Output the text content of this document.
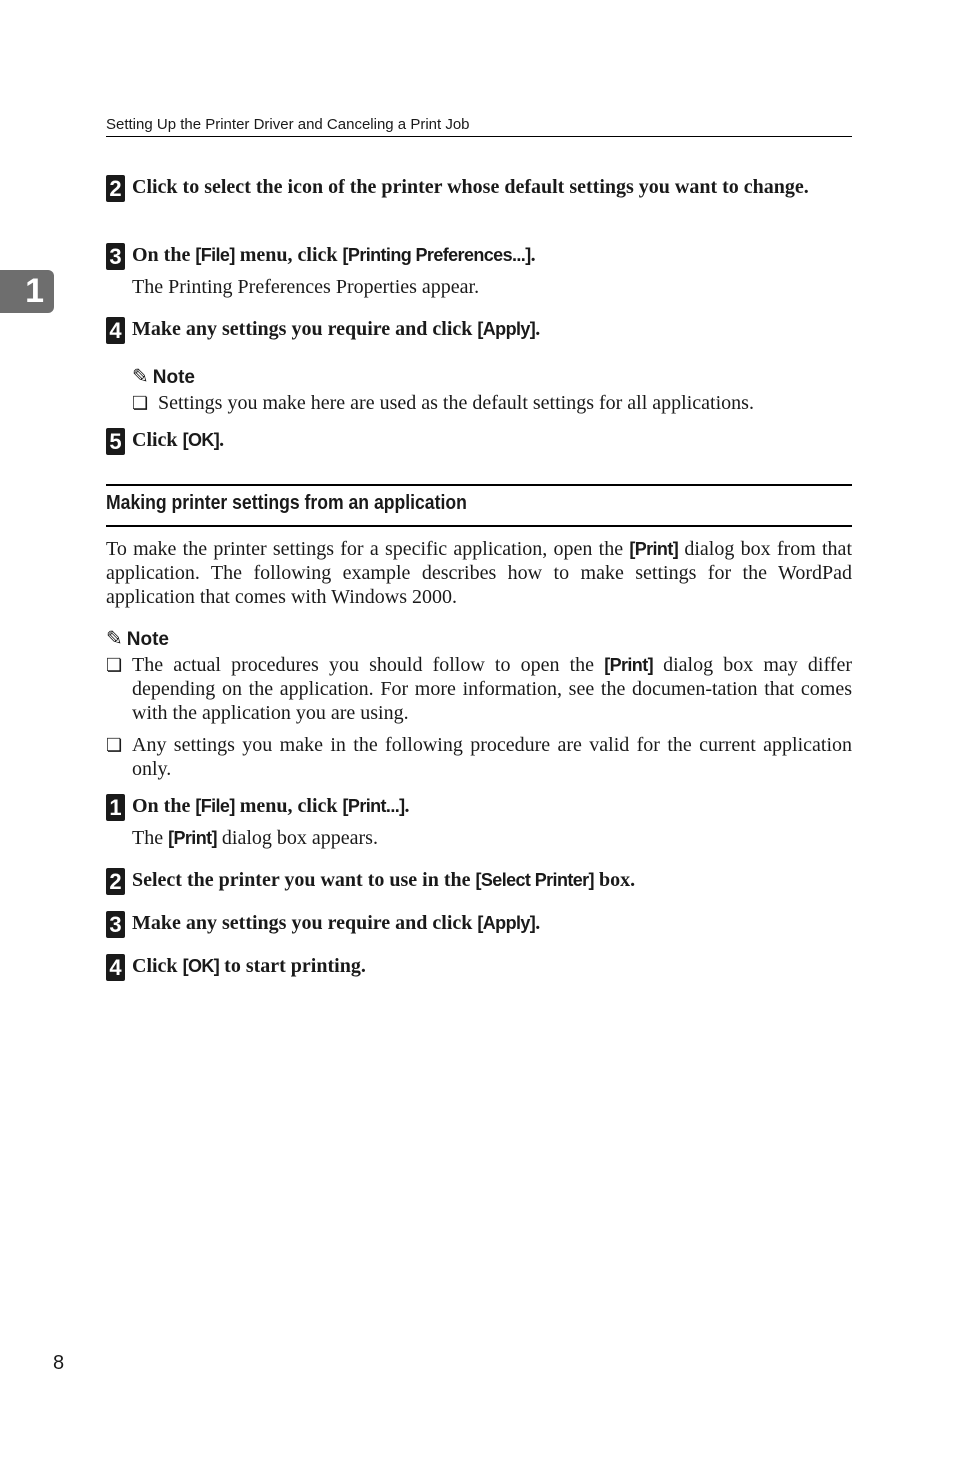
Setting Up the Printer Driver and Canceling a Print Job
1
2 Click to select the icon of the printer whose default settings you want to change.
3 On the [File] menu, click [Printing Preferences...].
The Printing Preferences Properties appear.
4 Make any settings you require and click [Apply].
✎ Note
❏ Settings you make here are used as the default settings for all applications.
5 Click [OK].
Making printer settings from an application
To make the printer settings for a specific application, open the [Print] dialog box from that application. The following example describes how to make settings for the WordPad application that comes with Windows 2000.
✎ Note
❏ The actual procedures you should follow to open the [Print] dialog box may differ depending on the application. For more information, see the documen-tation that comes with the application you are using.
❏ Any settings you make in the following procedure are valid for the current application only.
1 On the [File] menu, click [Print...].
The [Print] dialog box appears.
2 Select the printer you want to use in the [Select Printer] box.
3 Make any settings you require and click [Apply].
4 Click [OK] to start printing.
8
